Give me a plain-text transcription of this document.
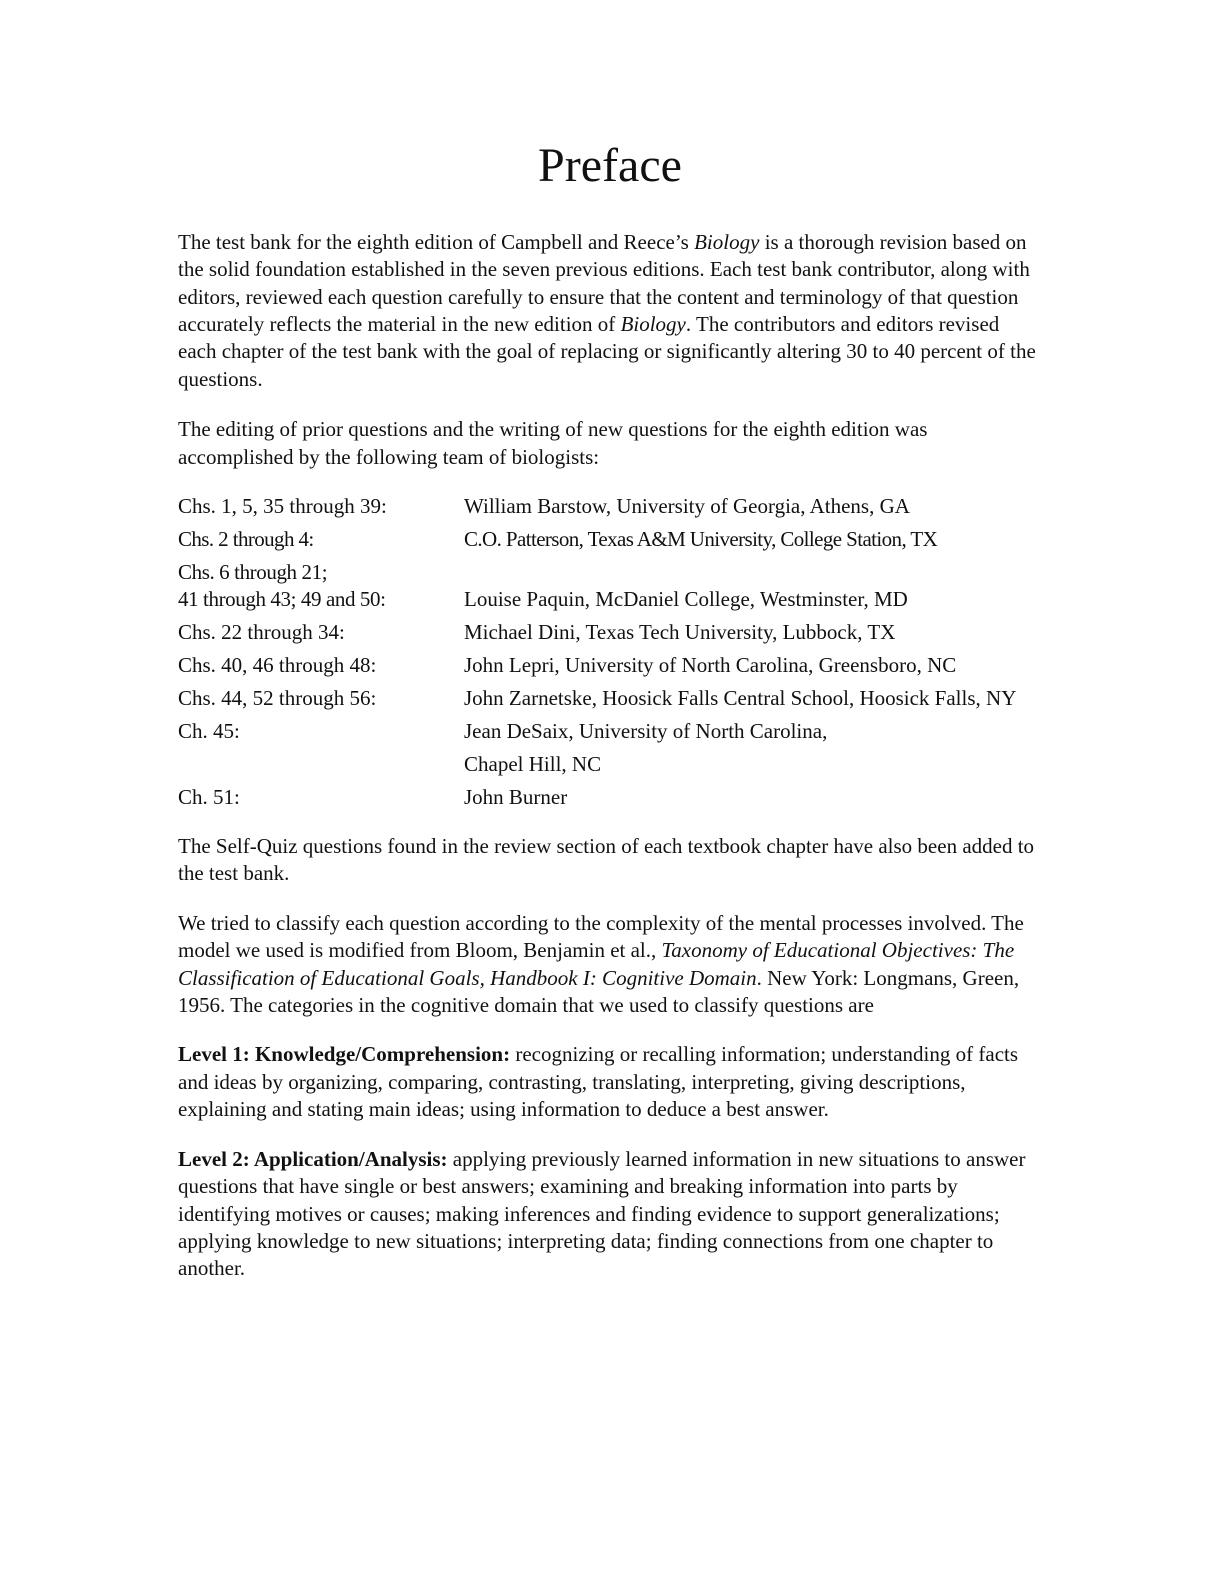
Preface

The test bank for the eighth edition of Campbell and Reece’s Biology is a thorough revision based on the solid foundation established in the seven previous editions. Each test bank contributor, along with editors, reviewed each question carefully to ensure that the content and terminology of that question accurately reflects the material in the new edition of Biology. The contributors and editors revised each chapter of the test bank with the goal of replacing or significantly altering 30 to 40 percent of the questions.

The editing of prior questions and the writing of new questions for the eighth edition was accomplished by the following team of biologists:

Chs. 1, 5, 35 through 39:	William Barstow, University of Georgia, Athens, GA
Chs. 2 through 4:	C.O. Patterson, Texas A&M University, College Station, TX
Chs. 6 through 21;
41 through 43; 49 and 50:	Louise Paquin, McDaniel College, Westminster, MD
Chs. 22 through 34:	Michael Dini, Texas Tech University, Lubbock, TX
Chs. 40, 46 through 48:	John Lepri, University of North Carolina, Greensboro, NC
Chs. 44, 52 through 56:	John Zarnetske, Hoosick Falls Central School, Hoosick Falls, NY
Ch. 45:	Jean DeSaix, University of North Carolina,
Chapel Hill, NC
Ch. 51:	John Burner

The Self-Quiz questions found in the review section of each textbook chapter have also been added to the test bank.

We tried to classify each question according to the complexity of the mental processes involved. The model we used is modified from Bloom, Benjamin et al., Taxonomy of Educational Objectives: The Classification of Educational Goals, Handbook I: Cognitive Domain. New York: Longmans, Green, 1956. The categories in the cognitive domain that we used to classify questions are

Level 1: Knowledge/Comprehension: recognizing or recalling information; understanding of facts and ideas by organizing, comparing, contrasting, translating, interpreting, giving descriptions, explaining and stating main ideas; using information to deduce a best answer.

Level 2: Application/Analysis: applying previously learned information in new situations to answer questions that have single or best answers; examining and breaking information into parts by identifying motives or causes; making inferences and finding evidence to support generalizations; applying knowledge to new situations; interpreting data; finding connections from one chapter to another.
